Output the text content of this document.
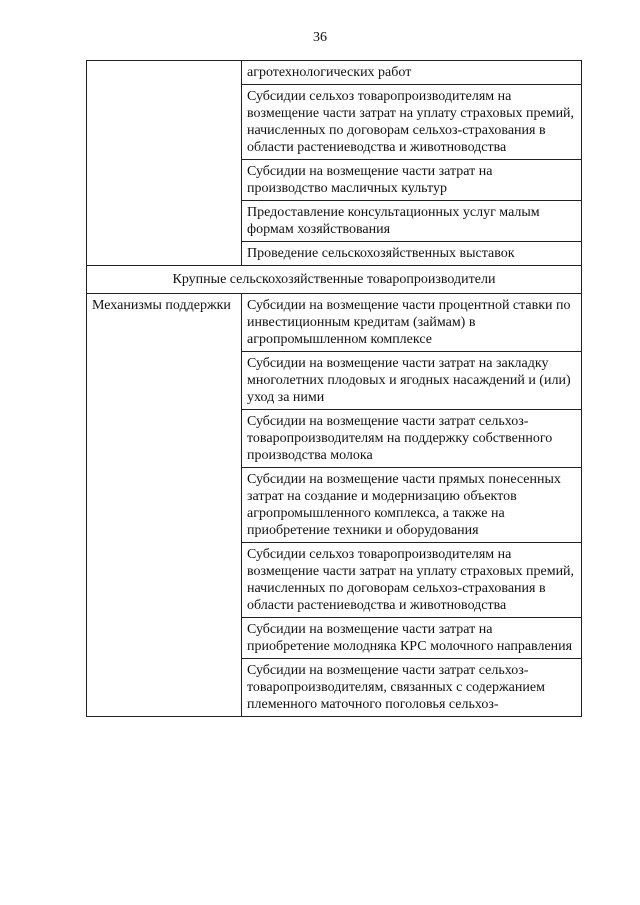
36
	агротехнологических работ
	Субсидии сельхоз товаропроизводителям на возмещение части затрат на уплату страховых премий, начисленных по договорам сельхоз-страхования в области растениеводства и животноводства
	Субсидии на возмещение части затрат на производство масличных культур
	Предоставление консультационных услуг малым формам хозяйствования
	Проведение сельскохозяйственных выставок
Крупные сельскохозяйственные товаропроизводители	
Механизмы поддержки	Субсидии на возмещение части процентной ставки по инвестиционным кредитам (займам) в агропромышленном комплексе
	Субсидии на возмещение части затрат на закладку многолетних плодовых и ягодных насаждений и (или) уход за ними
	Субсидии на возмещение части затрат сельхоз-товаропроизводителям на поддержку собственного производства молока
	Субсидии на возмещение части прямых понесенных затрат на создание и модернизацию объектов агропромышленного комплекса, а также на приобретение техники и оборудования
	Субсидии сельхоз товаропроизводителям на возмещение части затрат на уплату страховых премий, начисленных по договорам сельхоз-страхования в области растениеводства и животноводства
	Субсидии на возмещение части затрат на приобретение молодняка КРС молочного направления
	Субсидии на возмещение части затрат сельхоз-товаропроизводителям, связанных с содержанием племенного маточного поголовья сельхоз-
